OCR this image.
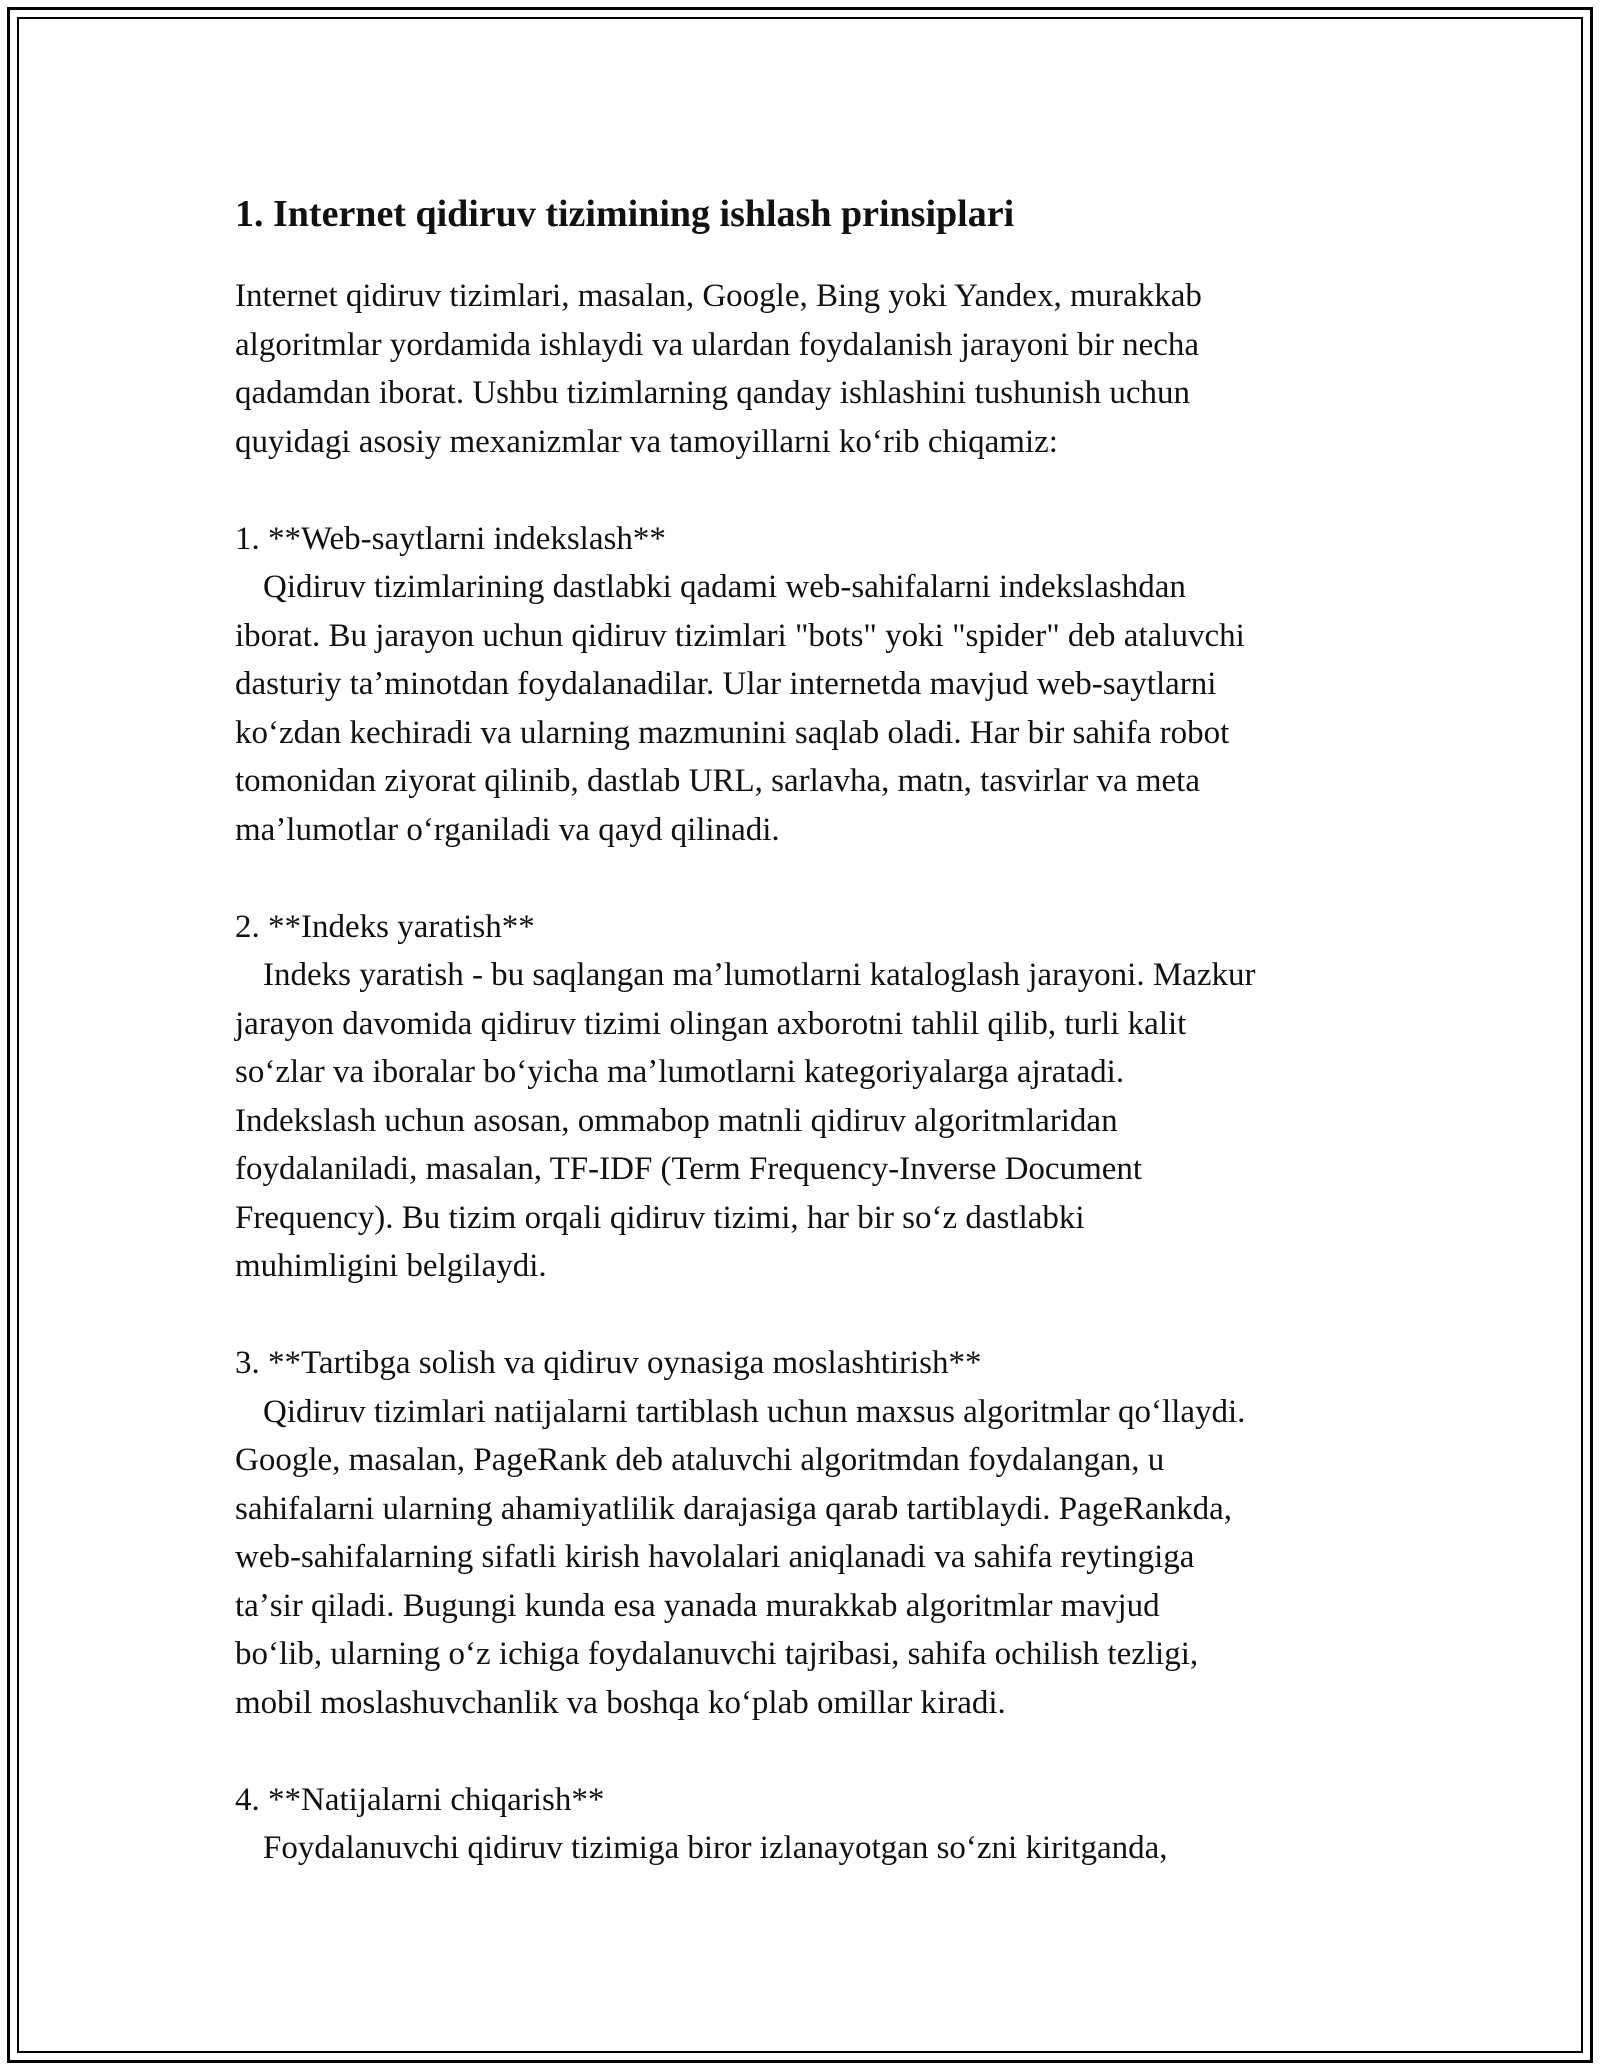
1. Internet qidiruv tizimining ishlash prinsiplari
Internet qidiruv tizimlari, masalan, Google, Bing yoki Yandex, murakkab
algoritmlar yordamida ishlaydi va ulardan foydalanish jarayoni bir necha
qadamdan iborat. Ushbu tizimlarning qanday ishlashini tushunish uchun
quyidagi asosiy mexanizmlar va tamoyillarni koʻrib chiqamiz:
1. **Web-saytlarni indekslash**
Qidiruv tizimlarining dastlabki qadami web-sahifalarni indekslashdan
iborat. Bu jarayon uchun qidiruv tizimlari "bots" yoki "spider" deb ataluvchi
dasturiy taʼminotdan foydalanadilar. Ular internetda mavjud web-saytlarni
koʻzdan kechiradi va ularning mazmunini saqlab oladi. Har bir sahifa robot
tomonidan ziyorat qilinib, dastlab URL, sarlavha, matn, tasvirlar va meta
maʼlumotlar oʻrganiladi va qayd qilinadi.
2. **Indeks yaratish**
Indeks yaratish - bu saqlangan maʼlumotlarni kataloglash jarayoni. Mazkur
jarayon davomida qidiruv tizimi olingan axborotni tahlil qilib, turli kalit
soʻzlar va iboralar boʻyicha maʼlumotlarni kategoriyalarga ajratadi.
Indekslash uchun asosan, ommabop matnli qidiruv algoritmlaridan
foydalaniladi, masalan, TF-IDF (Term Frequency-Inverse Document
Frequency). Bu tizim orqali qidiruv tizimi, har bir soʻz dastlabki
muhimligini belgilaydi.
3. **Tartibga solish va qidiruv oynasiga moslashtirish**
Qidiruv tizimlari natijalarni tartiblash uchun maxsus algoritmlar qoʻllaydi.
Google, masalan, PageRank deb ataluvchi algoritmdan foydalangan, u
sahifalarni ularning ahamiyatlilik darajasiga qarab tartiblaydi. PageRankda,
web-sahifalarning sifatli kirish havolalari aniqlanadi va sahifa reytingiga
taʼsir qiladi. Bugungi kunda esa yanada murakkab algoritmlar mavjud
boʻlib, ularning oʻz ichiga foydalanuvchi tajribasi, sahifa ochilish tezligi,
mobil moslashuvchanlik va boshqa koʻplab omillar kiradi.
4. **Natijalarni chiqarish**
Foydalanuvchi qidiruv tizimiga biror izlanayotgan soʻzni kiritganda,
